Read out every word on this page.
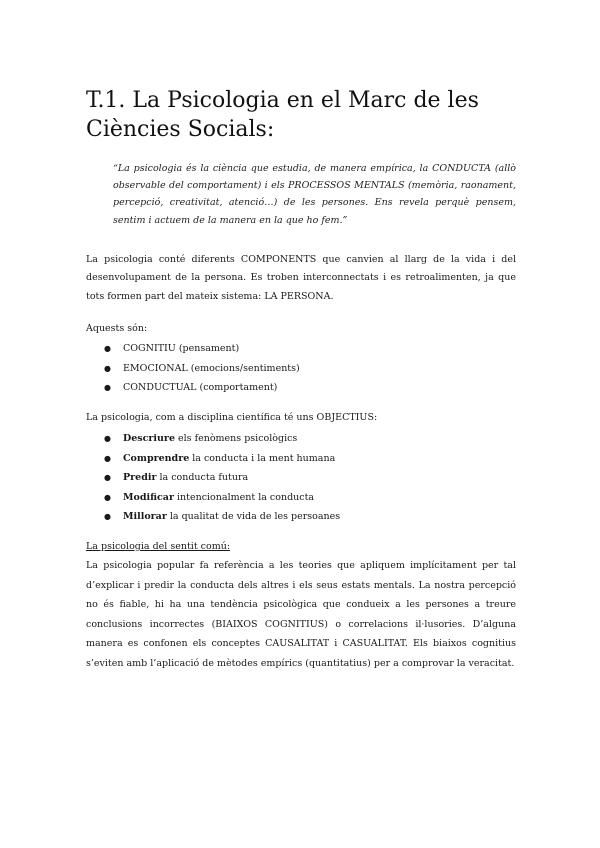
T.1. La Psicologia en el Marc de les Ciències Socials:

“La psicologia és la ciència que estudia, de manera empírica, la CONDUCTA (allò observable del comportament) i els PROCESSOS MENTALS (memòria, raonament, percepció, creativitat, atenció…) de les persones. Ens revela perquè pensem, sentim i actuem de la manera en la que ho fem.”

La psicologia conté diferents COMPONENTS que canvien al llarg de la vida i del desenvolupament de la persona. Es troben interconnectats i es retroalimenten, ja que tots formen part del mateix sistema: LA PERSONA.

Aquests són:

● COGNITIU (pensament)
● EMOCIONAL (emocions/sentiments)
● CONDUCTUAL (comportament)

La psicologia, com a disciplina científica té uns OBJECTIUS:

● Descriure els fenòmens psicològics
● Comprendre la conducta i la ment humana
● Predir la conducta futura
● Modificar intencionalment la conducta
● Millorar la qualitat de vida de les persoanes

La psicologia del sentit comú:

La psicologia popular fa referència a les teories que apliquem implícitament per tal d’explicar i predir la conducta dels altres i els seus estats mentals. La nostra percepció no és fiable, hi ha una tendència psicològica que condueix a les persones a treure conclusions incorrectes (BIAIXOS COGNITIUS) o correlacions il·lusories. D’alguna manera es confonen els conceptes CAUSALITAT i CASUALITAT. Els biaixos cognitius s’eviten amb l’aplicació de mètodes empírics (quantitatius) per a comprovar la veracitat.
